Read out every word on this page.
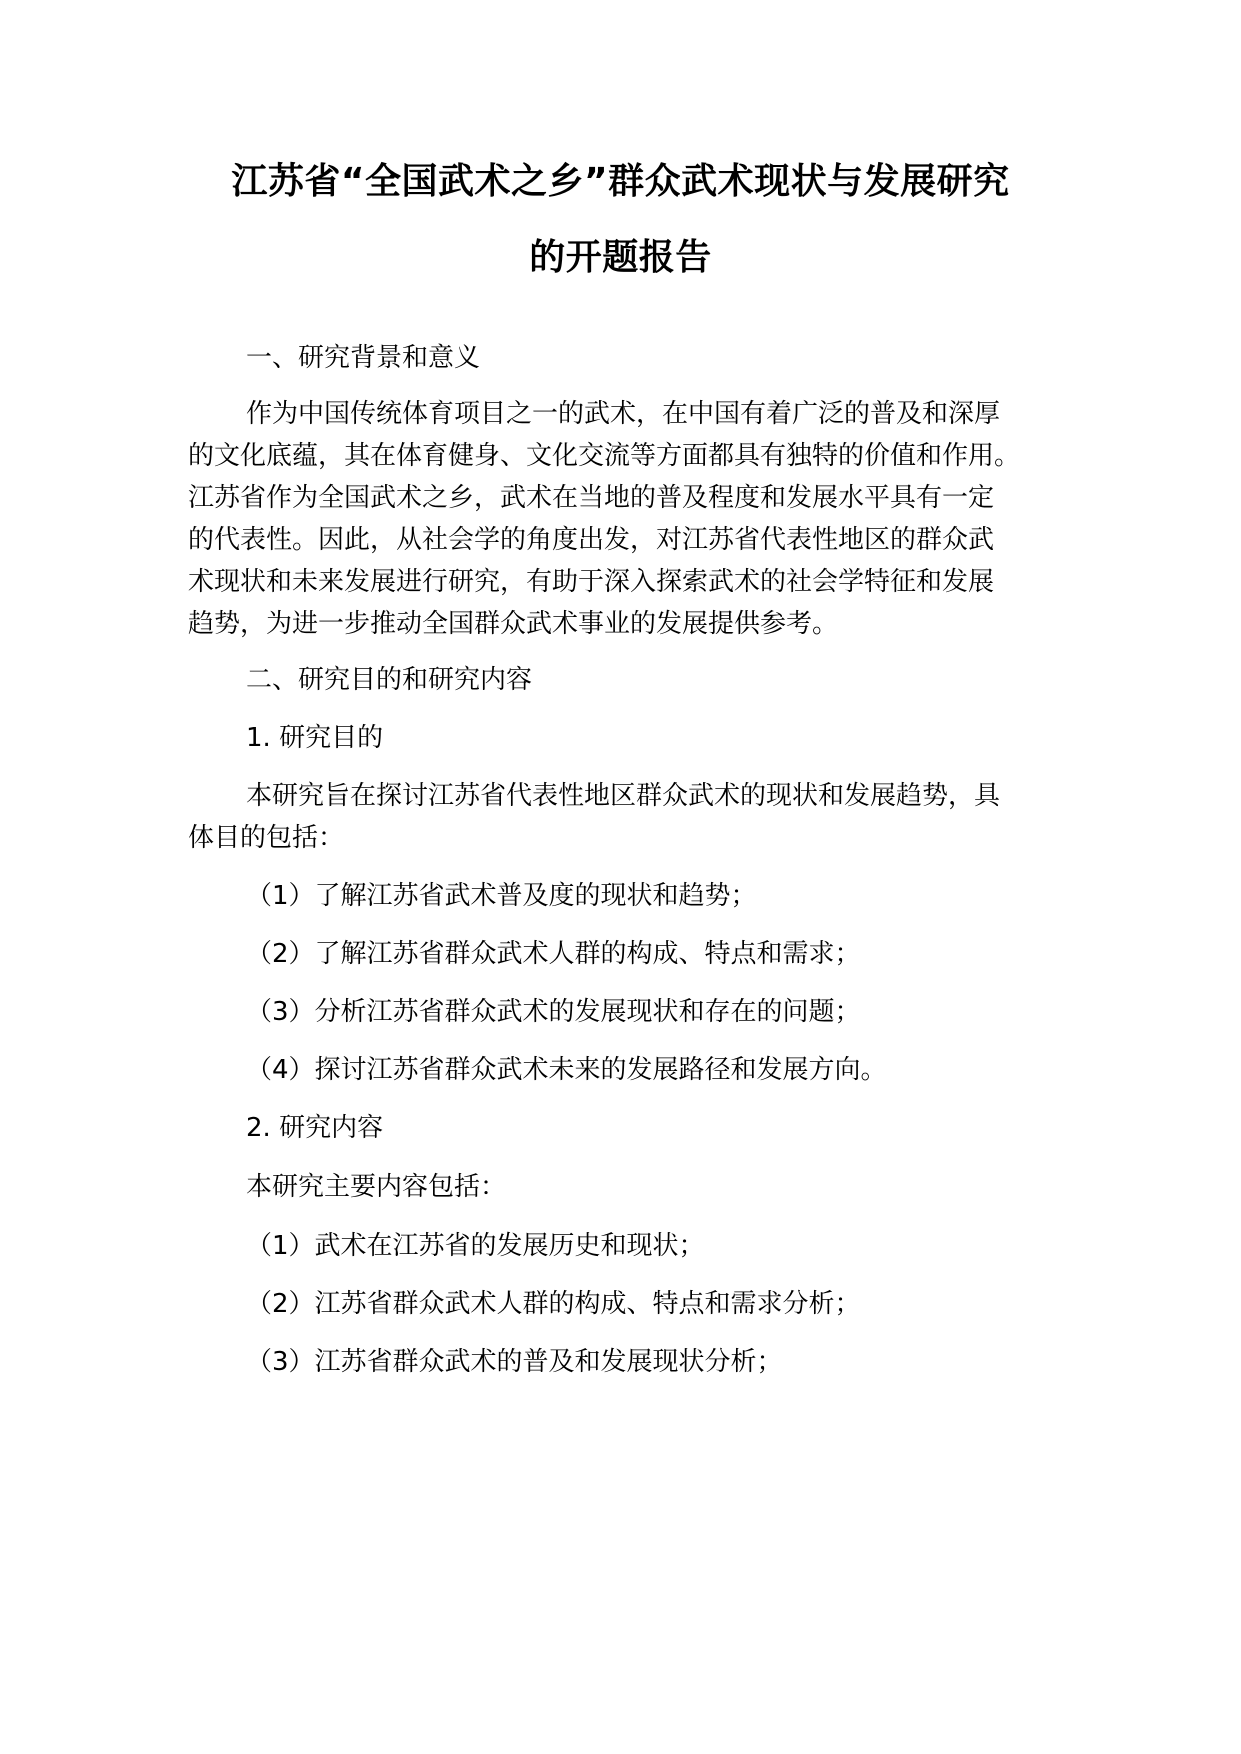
江苏省“全国武术之乡”群众武术现状与发展研究
的开题报告
一、研究背景和意义
作为中国传统体育项目之一的武术，在中国有着广泛的普及和深厚
的文化底蕴，其在体育健身、文化交流等方面都具有独特的价值和作用。
江苏省作为全国武术之乡，武术在当地的普及程度和发展水平具有一定
的代表性。因此，从社会学的角度出发，对江苏省代表性地区的群众武
术现状和未来发展进行研究，有助于深入探索武术的社会学特征和发展
趋势，为进一步推动全国群众武术事业的发展提供参考。
二、研究目的和研究内容
1. 研究目的
本研究旨在探讨江苏省代表性地区群众武术的现状和发展趋势，具
体目的包括：
（1）了解江苏省武术普及度的现状和趋势；
（2）了解江苏省群众武术人群的构成、特点和需求；
（3）分析江苏省群众武术的发展现状和存在的问题；
（4）探讨江苏省群众武术未来的发展路径和发展方向。
2. 研究内容
本研究主要内容包括：
（1）武术在江苏省的发展历史和现状；
（2）江苏省群众武术人群的构成、特点和需求分析；
（3）江苏省群众武术的普及和发展现状分析；
